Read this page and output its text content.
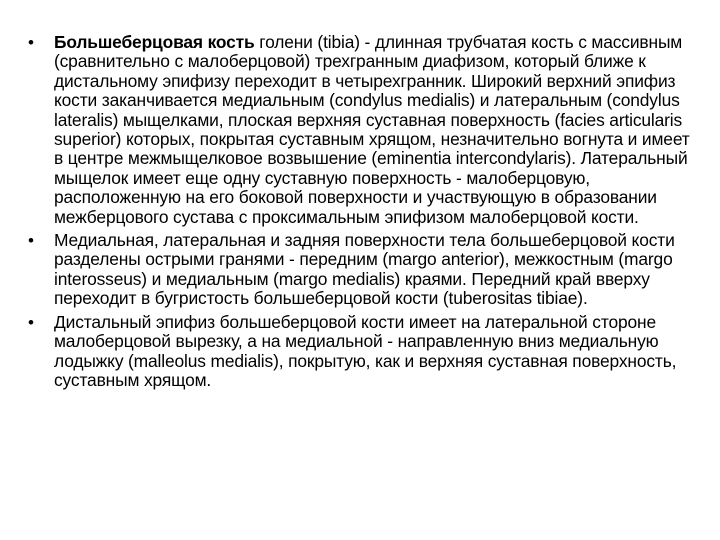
•	Большеберцовая кость голени (tibia) - длинная трубчатая кость с массивным (сравнительно с малоберцовой) трехгранным диафизом, который ближе к дистальному эпифизу переходит в четырехгранник. Широкий верхний эпифиз кости заканчивается медиальным (condylus medialis) и латеральным (condylus lateralis) мыщелками, плоская верхняя суставная поверхность (facies articularis superior) которых, покрытая суставным хрящом, незначительно вогнута и имеет в центре межмыщелковое возвышение (eminentia intercondylaris). Латеральный мыщелок имеет еще одну суставную поверхность - малоберцовую, расположенную на его боковой поверхности и участвующую в образовании межберцового сустава с проксимальным эпифизом малоберцовой кости.
•	Медиальная, латеральная и задняя поверхности тела большеберцовой кости разделены острыми гранями - передним (margo anterior), межкостным (margo interosseus) и медиальным (margo medialis) краями. Передний край вверху переходит в бугристость большеберцовой кости (tuberositas tibiae).
•	Дистальный эпифиз большеберцовой кости имеет на латеральной стороне малоберцовой вырезку, а на медиальной - направленную вниз медиальную лодыжку (malleolus medialis), покрытую, как и верхняя суставная поверхность, суставным хрящом.
